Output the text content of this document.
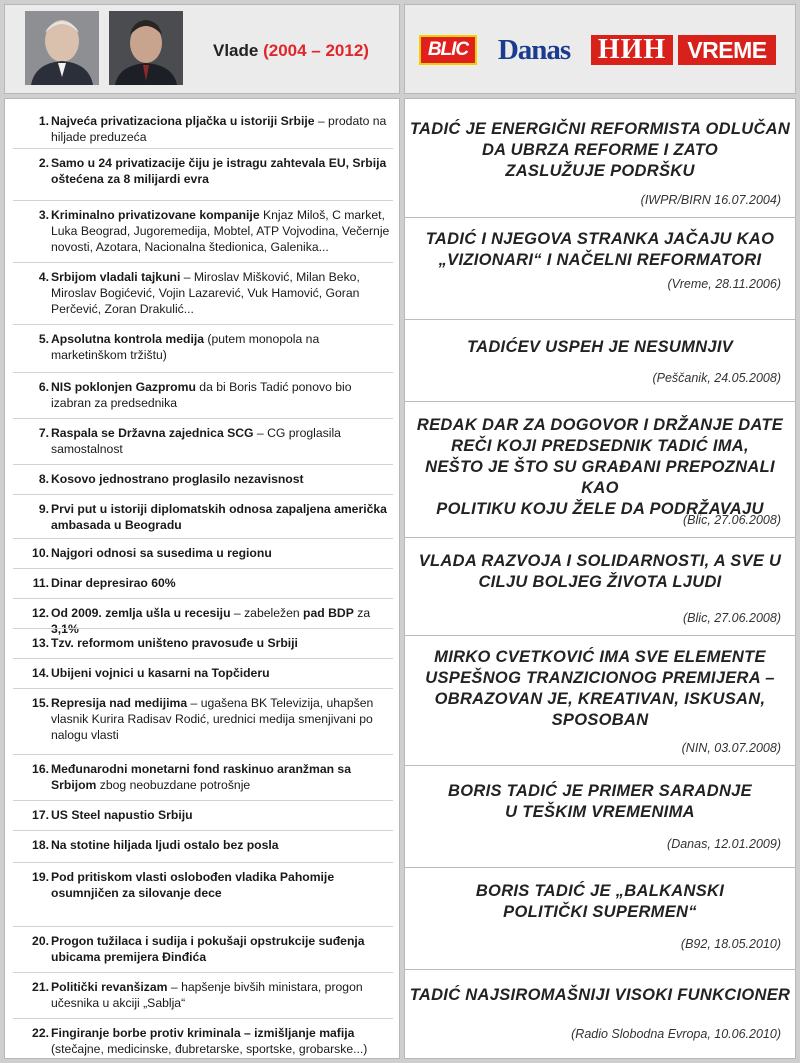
Vlade (2004 – 2012)	BLIC	Danas НИН VREME
1. Najveća privatizaciona pljačka u istoriji Srbije – prodato na hiljade preduzeća
2. Samo u 24 privatizacije čiju je istragu zahtevala EU, Srbija oštećena za 8 milijardi evra
3. Kriminalno privatizovane kompanije Knjaz Miloš, C market, Luka Beograd, Jugoremedija, Mobtel, ATP Vojvodina, Večernje novosti, Azotara, Nacionalna štedionica, Galenika...
4. Srbijom vladali tajkuni – Miroslav Mišković, Milan Beko, Miroslav Bogićević, Vojin Lazarević, Vuk Hamović, Goran Perčević, Zoran Drakulić...
5. Apsolutna kontrola medija (putem monopola na marketinškom tržištu)
6. NIS poklonjen Gazpromu da bi Boris Tadić ponovo bio izabran za predsednika
7. Raspala se Državna zajednica SCG – CG proglasila samostalnost
8. Kosovo jednostrano proglasilo nezavisnost
9. Prvi put u istoriji diplomatskih odnosa zapaljena američka ambasada u Beogradu
10. Najgori odnosi sa susedima u regionu
11. Dinar depresirao 60%
12. Od 2009. zemlja ušla u recesiju – zabeležen pad BDP za 3,1%
13. Tzv. reformom uništeno pravosuđe u Srbiji
14. Ubijeni vojnici u kasarni na Topčideru
15. Represija nad medijima – ugašena BK Televizija, uhapšen vlasnik Kurira Radisav Rodić, urednici medija smenjivani po nalogu vlasti
16. Međunarodni monetarni fond raskinuo aranžman sa Srbijom zbog neobuzdane potrošnje
17. US Steel napustio Srbiju
18. Na stotine hiljada ljudi ostalo bez posla
19. Pod pritiskom vlasti oslobođen vladika Pahomije osumnjičen za silovanje dece
20. Progon tužilaca i sudija i pokušaji opstrukcije suđenja ubicama premijera Đinđića
21. Politički revanšizam – hapšenje bivših ministara, progon učesnika u akciji „Sablja“
22. Fingiranje borbe protiv kriminala – izmišljanje mafija (stečajne, medicinske, đubretarske, sportske, grobarske...)
TADIĆ JE ENERGIČNI REFORMISTA ODLUČAN
DA UBRZA REFORME I ZATO
ZASLUŽUJE PODRŠKU
(IWPR/BIRN 16.07.2004)
TADIĆ I NJEGOVA STRANKA JAČAJU KAO
„VIZIONARI“ I NAČELNI REFORMATORI
(Vreme, 28.11.2006)
TADIĆEV USPEH JE NESUMNJIV
(Peščanik, 24.05.2008)
REDAK DAR ZA DOGOVOR I DRŽANJE DATE
REČI KOJI PREDSEDNIK TADIĆ IMA,
NEŠTO JE ŠTO SU GRAĐANI PREPOZNALI KAO
POLITIKU KOJU ŽELE DA PODRŽAVAJU
(Blic, 27.06.2008)
VLADA RAZVOJA I SOLIDARNOSTI, A SVE U
CILJU BOLJEG ŽIVOTA LJUDI
(Blic, 27.06.2008)
MIRKO CVETKOVIĆ IMA SVE ELEMENTE
USPEŠNOG TRANZICIONOG PREMIJERA –
OBRAZOVAN JE, KREATIVAN, ISKUSAN,
SPOSOBAN
(NIN, 03.07.2008)
BORIS TADIĆ JE PRIMER SARADNJE
U TEŠKIM VREMENIMA
(Danas, 12.01.2009)
BORIS TADIĆ JE „BALKANSKI
POLITIČKI SUPERMEN“
(B92, 18.05.2010)
TADIĆ NAJSIROMAŠNIJI VISOKI FUNKCIONER
(Radio Slobodna Evropa, 10.06.2010)
